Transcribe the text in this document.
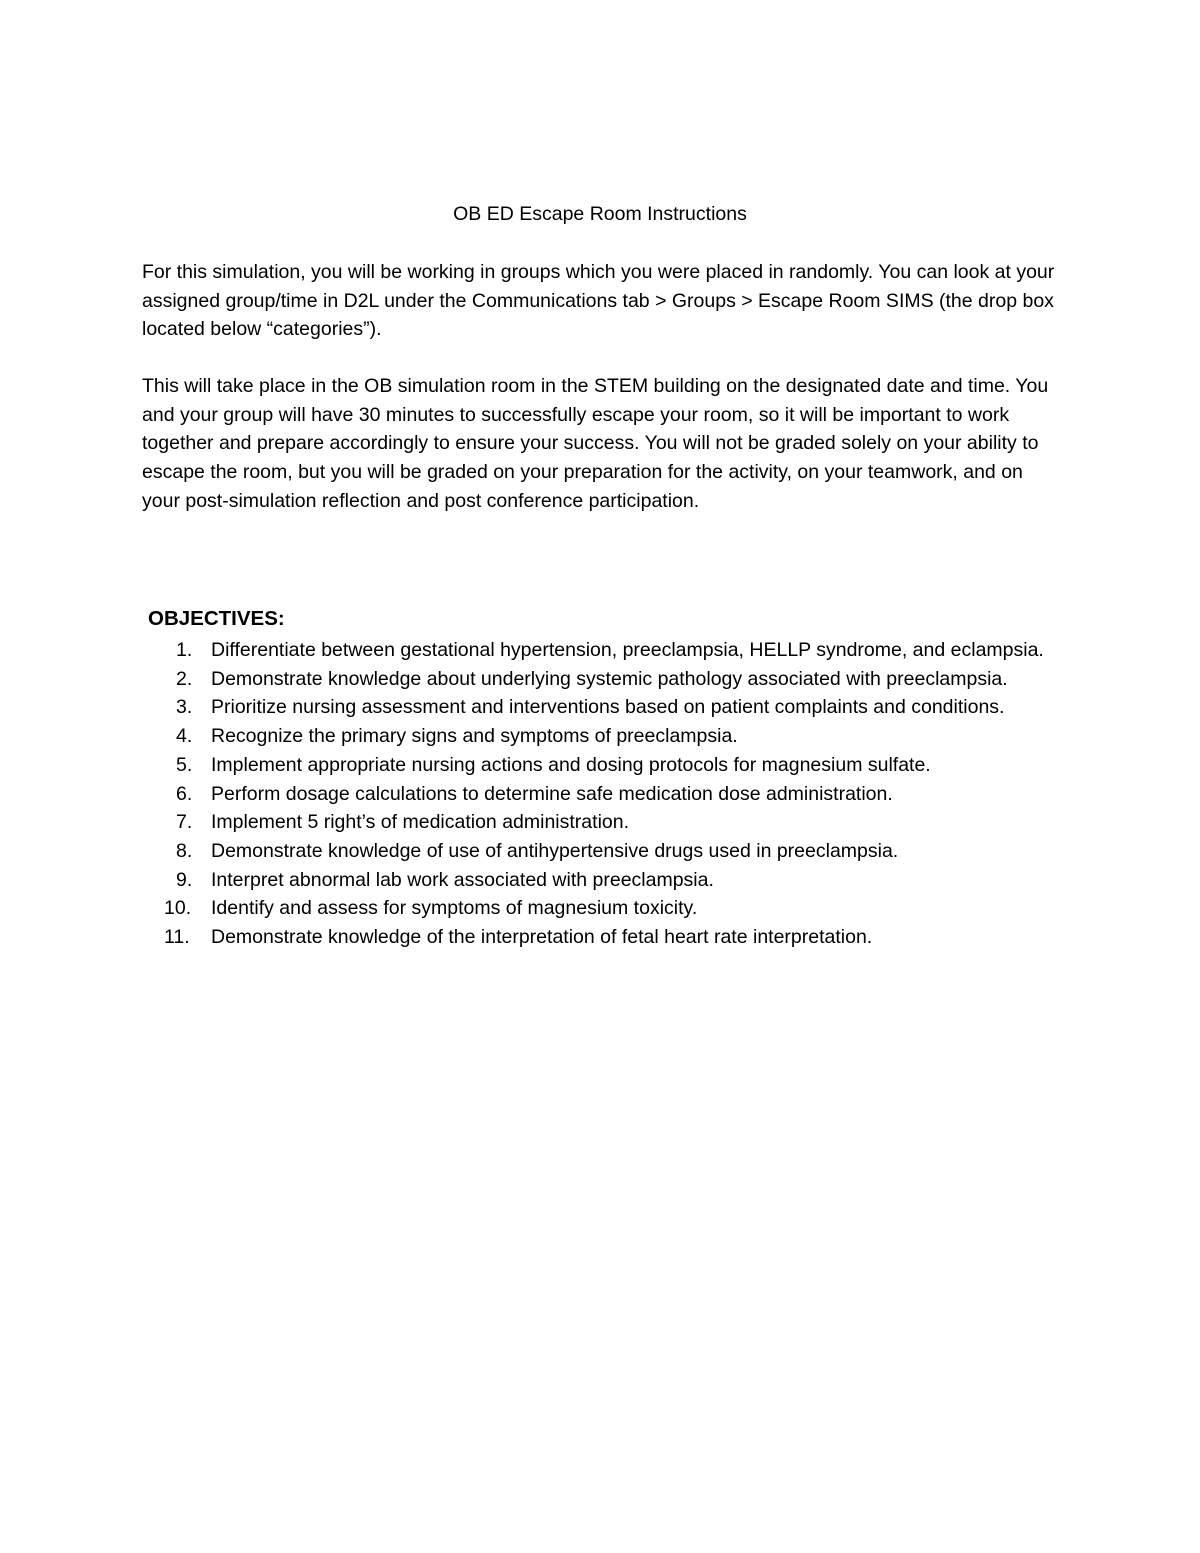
OB ED Escape Room Instructions

For this simulation, you will be working in groups which you were placed in randomly. You can look at your assigned group/time in D2L under the Communications tab > Groups > Escape Room SIMS (the drop box located below “categories”).

This will take place in the OB simulation room in the STEM building on the designated date and time. You and your group will have 30 minutes to successfully escape your room, so it will be important to work together and prepare accordingly to ensure your success. You will not be graded solely on your ability to escape the room, but you will be graded on your preparation for the activity, on your teamwork, and on your post-simulation reflection and post conference participation.

OBJECTIVES:
1. Differentiate between gestational hypertension, preeclampsia, HELLP syndrome, and eclampsia.
2. Demonstrate knowledge about underlying systemic pathology associated with preeclampsia.
3. Prioritize nursing assessment and interventions based on patient complaints and conditions.
4. Recognize the primary signs and symptoms of preeclampsia.
5. Implement appropriate nursing actions and dosing protocols for magnesium sulfate.
6. Perform dosage calculations to determine safe medication dose administration.
7. Implement 5 right’s of medication administration.
8. Demonstrate knowledge of use of antihypertensive drugs used in preeclampsia.
9. Interpret abnormal lab work associated with preeclampsia.
10.	Identify and assess for symptoms of magnesium toxicity.
11.	Demonstrate knowledge of the interpretation of fetal heart rate interpretation.
